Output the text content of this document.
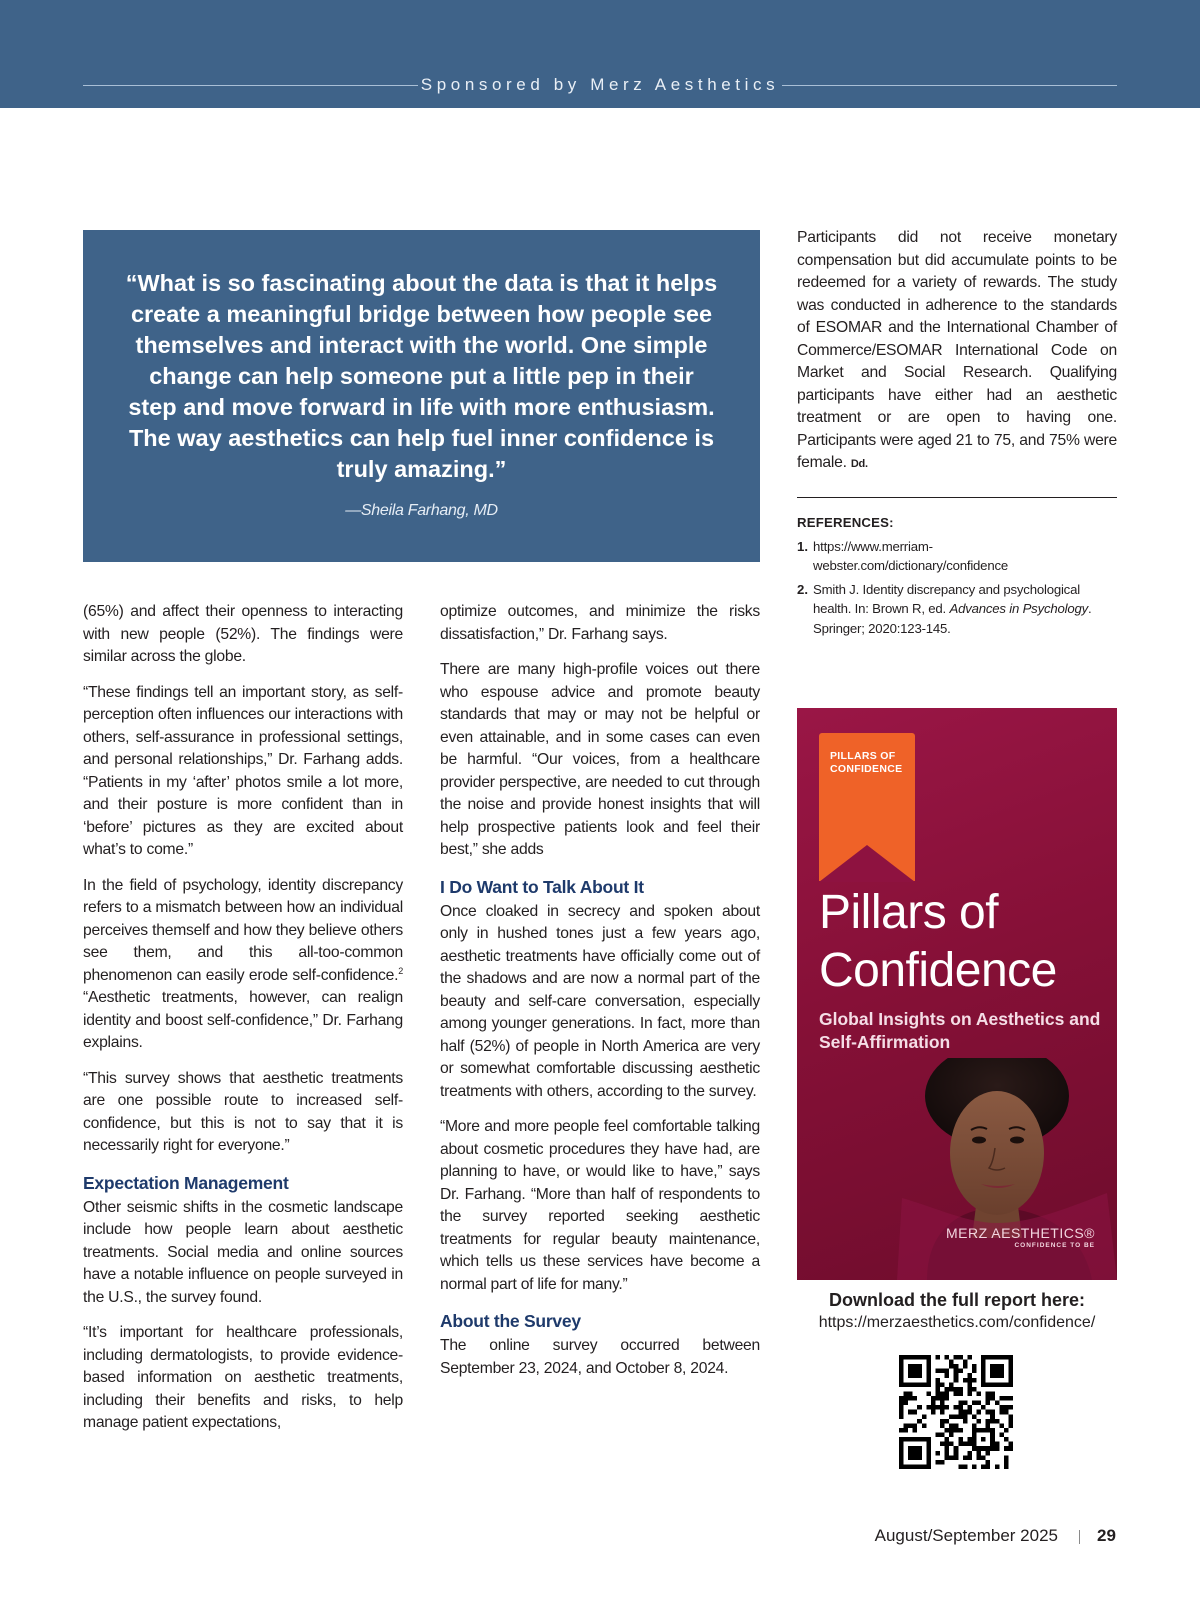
Sponsored by Merz Aesthetics
“What is so fascinating about the data is that it helps create a meaningful bridge between how people see themselves and interact with the world. One simple change can help someone put a little pep in their step and move forward in life with more enthusiasm. The way aesthetics can help fuel inner confidence is truly amazing.”
—Sheila Farhang, MD

(65%) and affect their openness to interacting with new people (52%). The findings were similar across the globe.

“These findings tell an important story, as self-perception often influences our interactions with others, self-assurance in professional settings, and personal relationships,” Dr. Farhang adds. “Patients in my ‘after’ photos smile a lot more, and their posture is more confident than in ‘before’ pictures as they are excited about what’s to come.”

In the field of psychology, identity discrepancy refers to a mismatch between how an individual perceives themself and how they believe others see them, and this all-too-common phenomenon can easily erode self-confidence.$^2$ “Aesthetic treatments, however, can realign identity and boost self-confidence,” Dr. Farhang explains.

“This survey shows that aesthetic treatments are one possible route to increased self-confidence, but this is not to say that it is necessarily right for everyone.”

Expectation Management

Other seismic shifts in the cosmetic landscape include how people learn about aesthetic treatments. Social media and online sources have a notable influence on people surveyed in the U.S., the survey found.

“It’s important for healthcare professionals, including dermatologists, to provide evidence-based information on aesthetic treatments, including their benefits and risks, to help manage patient expectations,

optimize outcomes, and minimize the risks dissatisfaction,” Dr. Farhang says.

There are many high-profile voices out there who espouse advice and promote beauty standards that may or may not be helpful or even attainable, and in some cases can even be harmful. “Our voices, from a healthcare provider perspective, are needed to cut through the noise and provide honest insights that will help prospective patients look and feel their best,” she adds

I Do Want to Talk About It

Once cloaked in secrecy and spoken about only in hushed tones just a few years ago, aesthetic treatments have officially come out of the shadows and are now a normal part of the beauty and self-care conversation, especially among younger generations. In fact, more than half (52%) of people in North America are very or somewhat comfortable discussing aesthetic treatments with others, according to the survey.

“More and more people feel comfortable talking about cosmetic procedures they have had, are planning to have, or would like to have,” says Dr. Farhang. “More than half of respondents to the survey reported seeking aesthetic treatments for regular beauty maintenance, which tells us these services have become a normal part of life for many.”

About the Survey

The online survey occurred between September 23, 2024, and October 8, 2024.

Participants did not receive monetary compensation but did accumulate points to be redeemed for a variety of rewards. The study was conducted in adherence to the standards of ESOMAR and the International Chamber of Commerce/ESOMAR International Code on Market and Social Research. Qualifying participants have either had an aesthetic treatment or are open to having one. Participants were aged 21 to 75, and 75% were female. Dd.

REFERENCES:
1. https://www.merriam-webster.com/dictionary/confidence
2. Smith J. Identity discrepancy and psychological health. In: Brown R, ed. Advances in Psychology. Springer; 2020:123-145.
PILLARS OF CONFIDENCE
Pillars of Confidence
Global Insights on Aesthetics and Self-Affirmation
MERZ AESTHETICS®
CONFIDENCE TO BE
Download the full report here:
https://merzaesthetics.com/confidence/
August/September 2025 29
